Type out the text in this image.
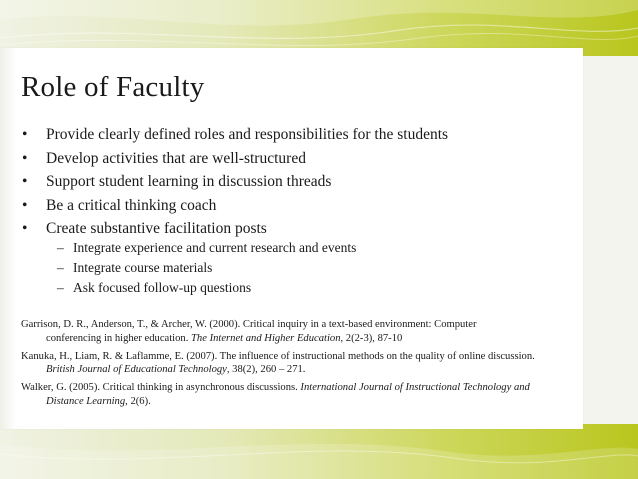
Role of Faculty
• Provide clearly defined roles and responsibilities for the students
• Develop activities that are well-structured
• Support student learning in discussion threads
• Be a critical thinking coach
• Create substantive facilitation posts
– Integrate experience and current research and events
– Integrate course materials
– Ask focused follow-up questions
Garrison, D. R., Anderson, T., & Archer, W. (2000). Critical inquiry in a text-based environment: Computer
conferencing in higher education. The Internet and Higher Education, 2(2-3), 87-10
Kanuka, H., Liam, R. & Laflamme, E. (2007). The influence of instructional methods on the quality of online discussion.
British Journal of Educational Technology, 38(2), 260 – 271.
Walker, G. (2005). Critical thinking in asynchronous discussions. International Journal of Instructional Technology and
Distance Learning, 2(6).
